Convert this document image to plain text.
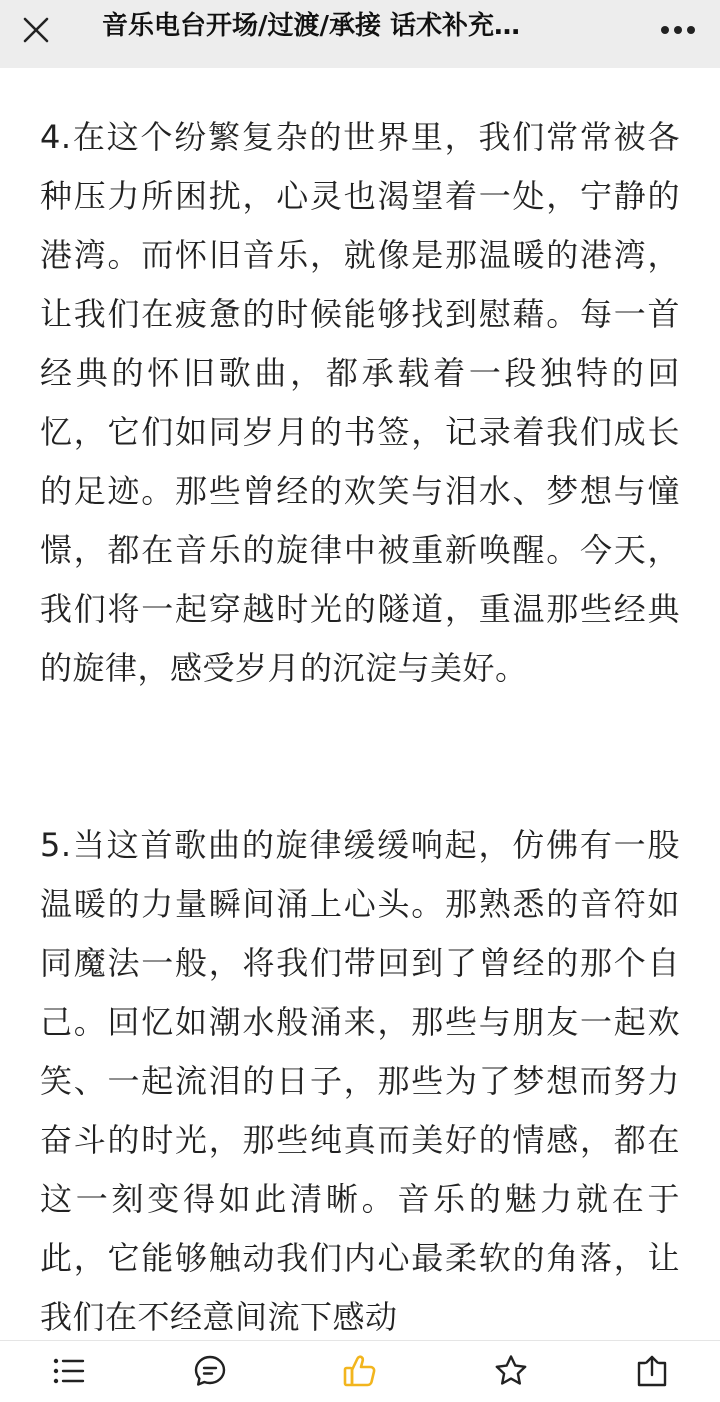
音乐电台开场/过渡/承接 话术补充…

4.在这个纷繁复杂的世界里，我们常常被各种压力所困扰，心灵也渴望着一处，宁静的港湾。而怀旧音乐，就像是那温暖的港湾，让我们在疲惫的时候能够找到慰藉。每一首经典的怀旧歌曲，都承载着一段独特的回忆，它们如同岁月的书签，记录着我们成长的足迹。那些曾经的欢笑与泪水、梦想与憧憬，都在音乐的旋律中被重新唤醒。今天，我们将一起穿越时光的隧道，重温那些经典的旋律，感受岁月的沉淀与美好。

5.当这首歌曲的旋律缓缓响起，仿佛有一股温暖的力量瞬间涌上心头。那熟悉的音符如同魔法一般，将我们带回到了曾经的那个自己。回忆如潮水般涌来，那些与朋友一起欢笑、一起流泪的日子，那些为了梦想而努力奋斗的时光，那些纯真而美好的情感，都在这一刻变得如此清晰。音乐的魅力就在于此，它能够触动我们内心最柔软的角落，让我们在不经意间流下感动
